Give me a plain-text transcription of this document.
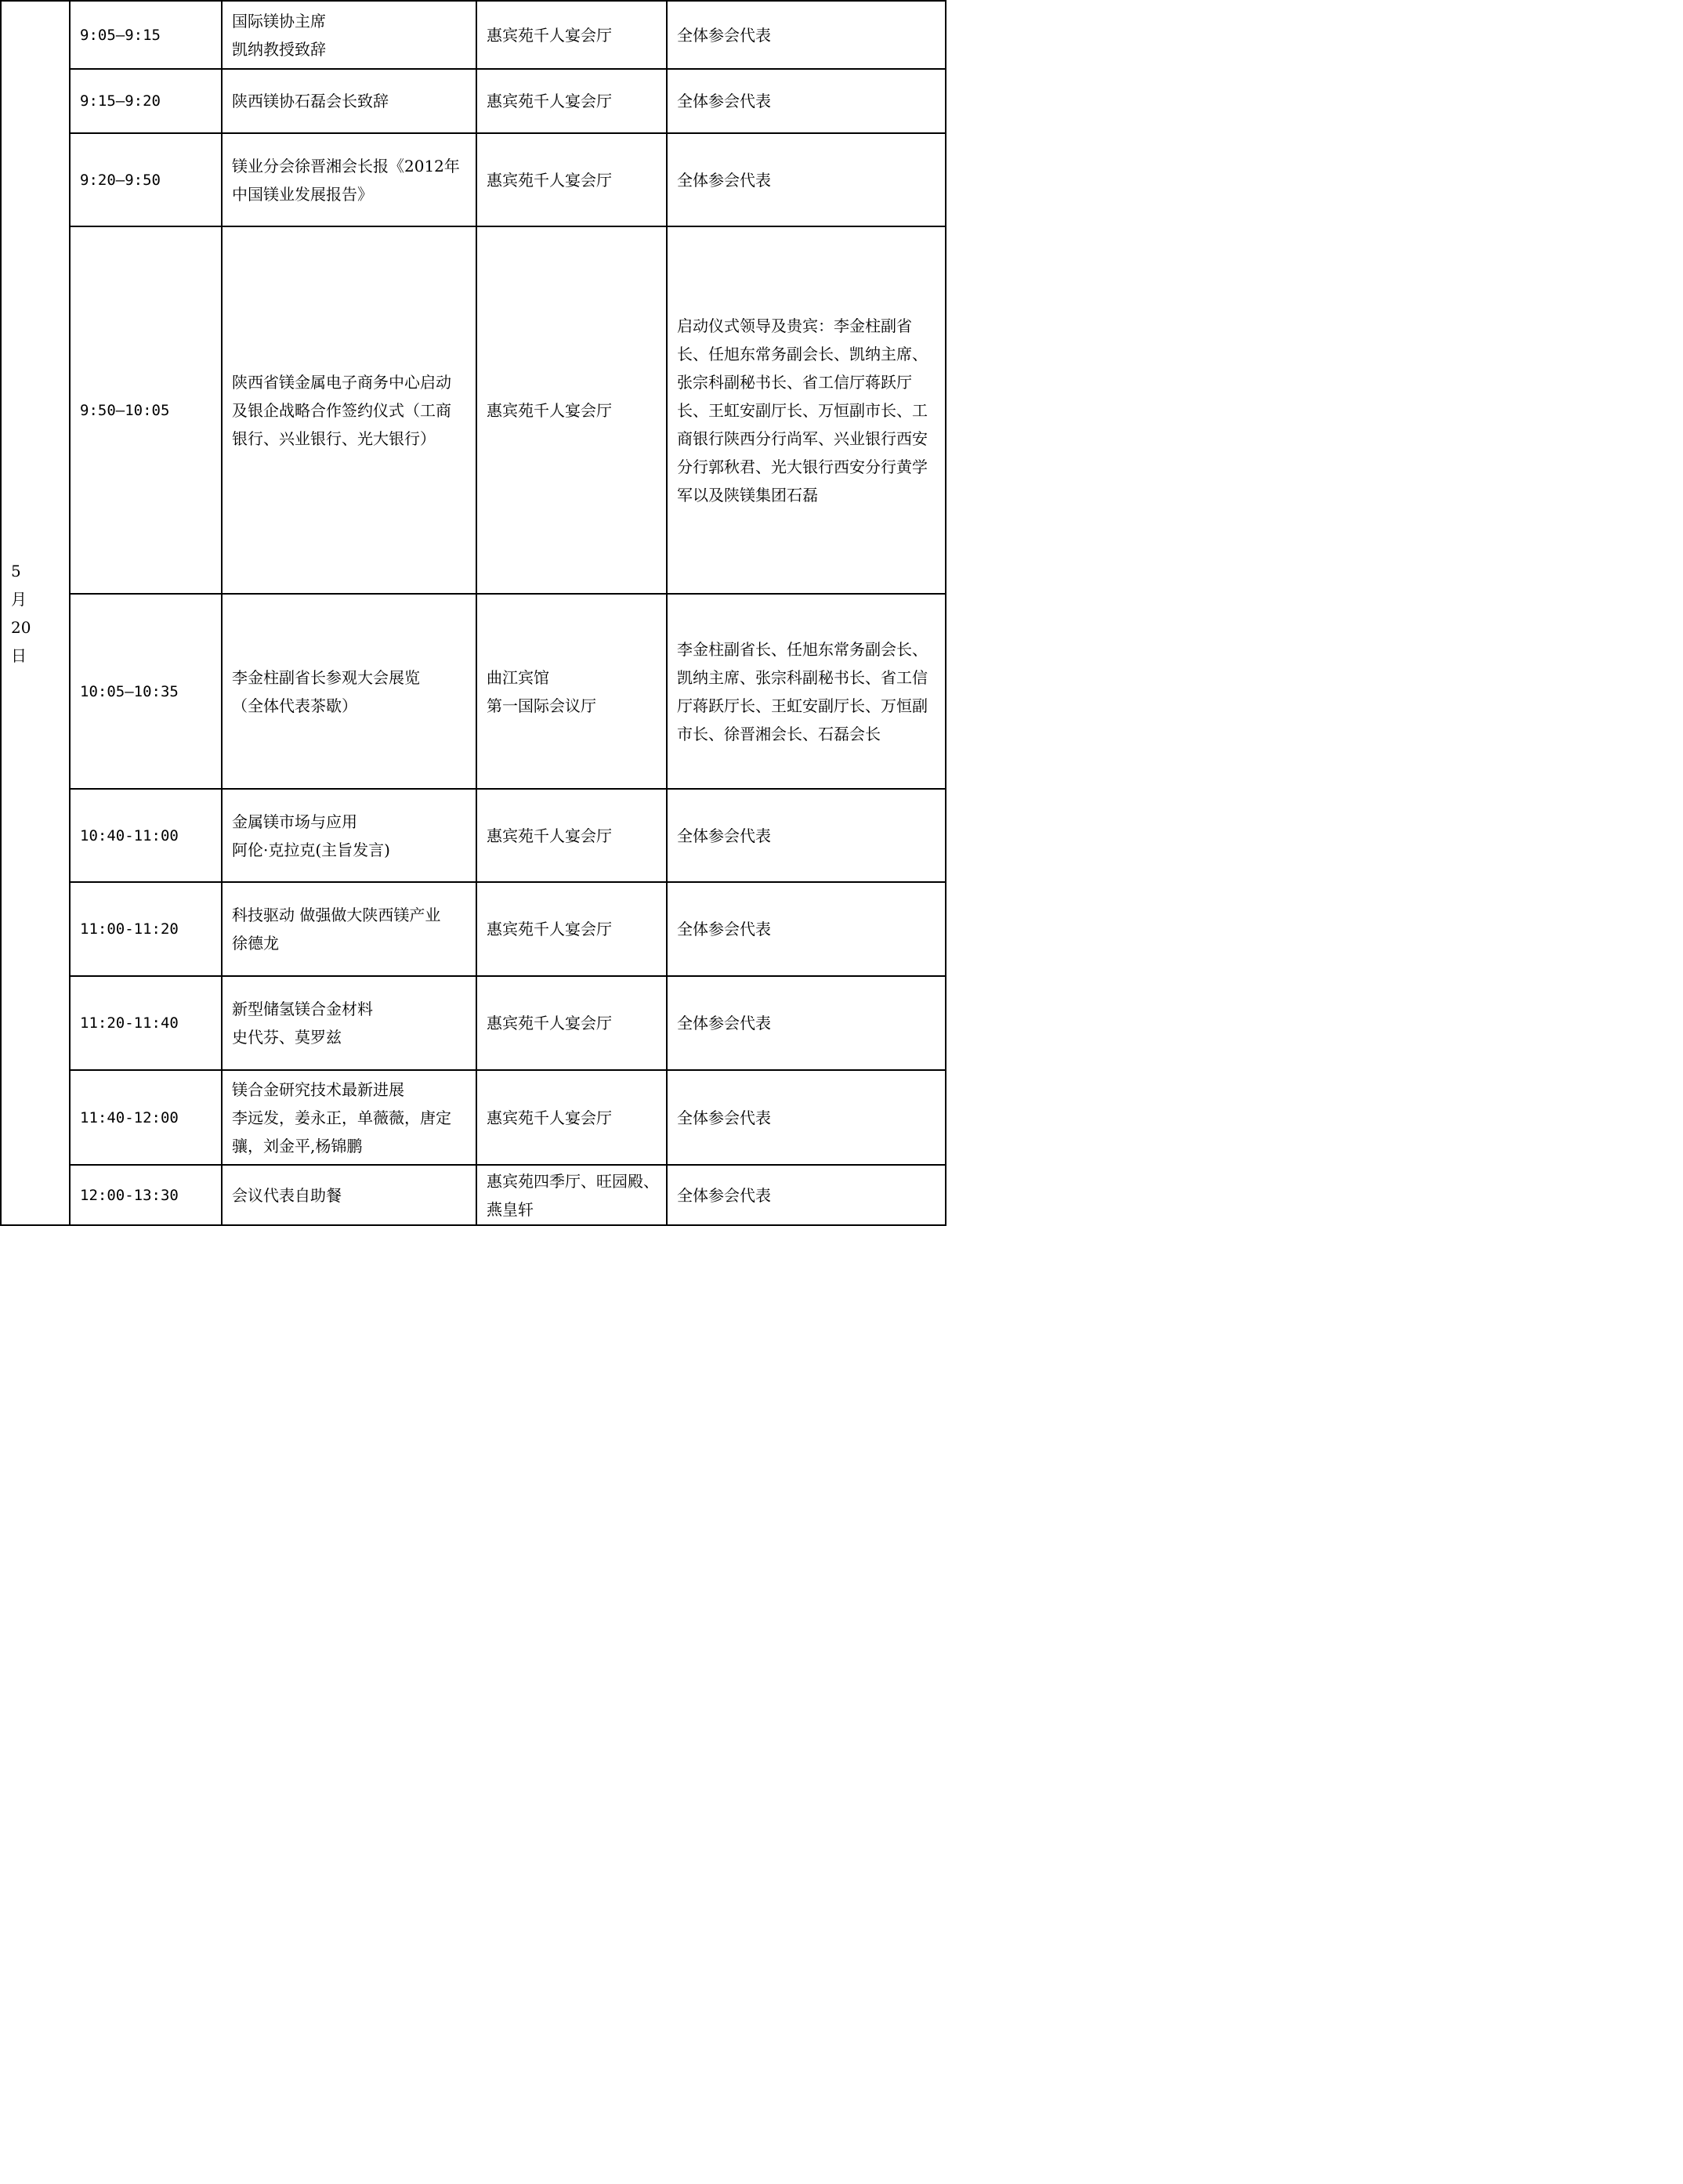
5
月
20
日	9:05—9:15	国际镁协主席
凯纳教授致辞	惠宾苑千人宴会厅	全体参会代表

	9:15—9:20	陕西镁协石磊会长致辞	惠宾苑千人宴会厅	全体参会代表

	9:20—9:50	镁业分会徐晋湘会长报《2012年
中国镁业发展报告》	惠宾苑千人宴会厅	全体参会代表

	9:50—10:05	陕西省镁金属电子商务中心启动
及银企战略合作签约仪式（工商
银行、兴业银行、光大银行）	惠宾苑千人宴会厅	启动仪式领导及贵宾：李金柱副省长、任旭东常务副会长、凯纳主席、张宗科副秘书长、省工信厅蒋跃厅长、王虹安副厅长、万恒副市长、工商银行陕西分行尚军、兴业银行西安分行郭秋君、光大银行西安分行黄学军以及陕镁集团石磊

	10:05—10:35	李金柱副省长参观大会展览
（全体代表茶歇）	曲江宾馆
第一国际会议厅	李金柱副省长、任旭东常务副会长、凯纳主席、张宗科副秘书长、省工信厅蒋跃厅长、王虹安副厅长、万恒副市长、徐晋湘会长、石磊会长

	10:40-11:00	金属镁市场与应用
阿伦·克拉克(主旨发言)	惠宾苑千人宴会厅	全体参会代表

	11:00-11:20	科技驱动 做强做大陕西镁产业
徐德龙	惠宾苑千人宴会厅	全体参会代表

	11:20-11:40	新型储氢镁合金材料
史代芬、莫罗兹	惠宾苑千人宴会厅	全体参会代表

	11:40-12:00	镁合金研究技术最新进展
李远发，姜永正，单薇薇，唐定
骧，刘金平,杨锦鹏	惠宾苑千人宴会厅	全体参会代表

	12:00-13:30	会议代表自助餐	惠宾苑四季厅、旺园殿、
燕皇轩	全体参会代表
